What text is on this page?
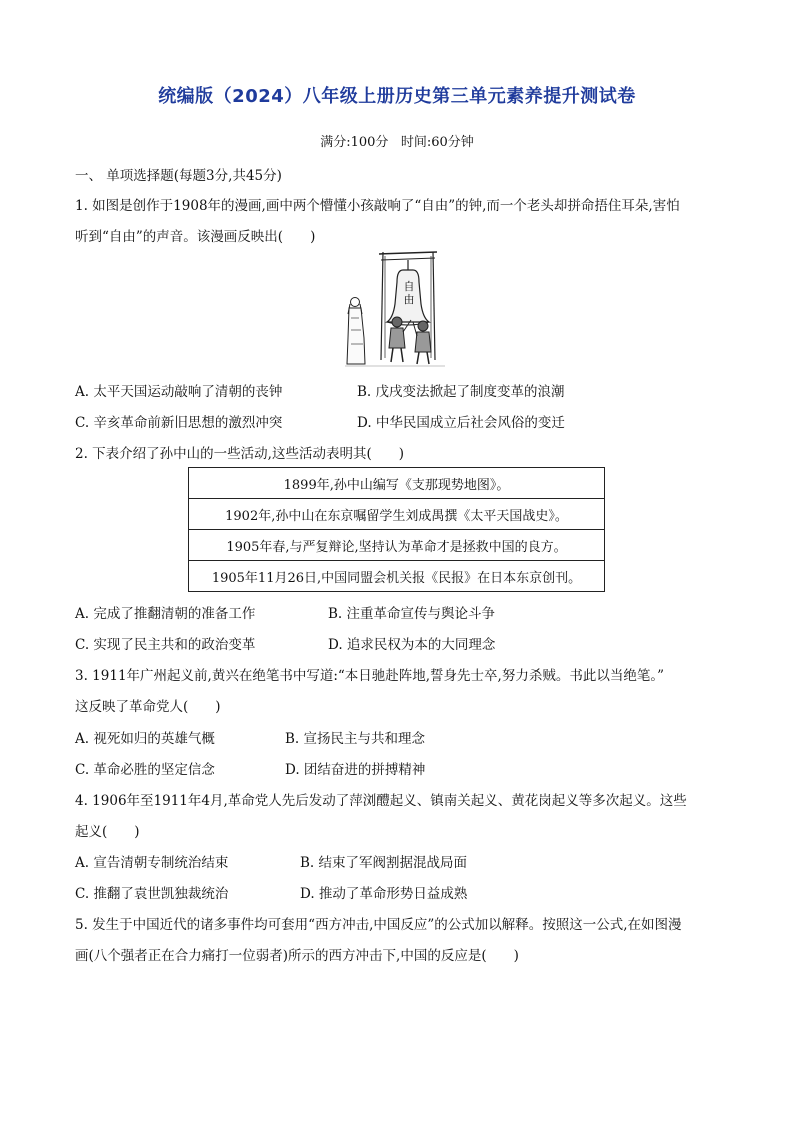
统编版（2024）八年级上册历史第三单元素养提升测试卷
满分:100分   时间:60分钟
一、 单项选择题(每题3分,共45分)
1. 如图是创作于1908年的漫画,画中两个懵懂小孩敲响了“自由”的钟,而一个老头却拼命捂住耳朵,害怕
听到“自由”的声音。该漫画反映出(　　)
自由
A. 太平天国运动敲响了清朝的丧钟	B. 戊戌变法掀起了制度变革的浪潮
C. 辛亥革命前新旧思想的激烈冲突	D. 中华民国成立后社会风俗的变迁
2. 下表介绍了孙中山的一些活动,这些活动表明其(　　)
1899年,孙中山编写《支那现势地图》。
1902年,孙中山在东京嘱留学生刘成禺撰《太平天国战史》。
1905年春,与严复辩论,坚持认为革命才是拯救中国的良方。
1905年11月26日,中国同盟会机关报《民报》在日本东京创刊。
A. 完成了推翻清朝的准备工作	B. 注重革命宣传与舆论斗争
C. 实现了民主共和的政治变革	D. 追求民权为本的大同理念
3. 1911年广州起义前,黄兴在绝笔书中写道:“本日驰赴阵地,誓身先士卒,努力杀贼。书此以当绝笔。”
这反映了革命党人(　　)
A. 视死如归的英雄气概	B. 宣扬民主与共和理念
C. 革命必胜的坚定信念	D. 团结奋进的拼搏精神
4. 1906年至1911年4月,革命党人先后发动了萍浏醴起义、镇南关起义、黄花岗起义等多次起义。这些
起义(　　)
A. 宣告清朝专制统治结束	B. 结束了军阀割据混战局面
C. 推翻了袁世凯独裁统治	D. 推动了革命形势日益成熟
5. 发生于中国近代的诸多事件均可套用“西方冲击,中国反应”的公式加以解释。按照这一公式,在如图漫
画(八个强者正在合力痛打一位弱者)所示的西方冲击下,中国的反应是(　　)
